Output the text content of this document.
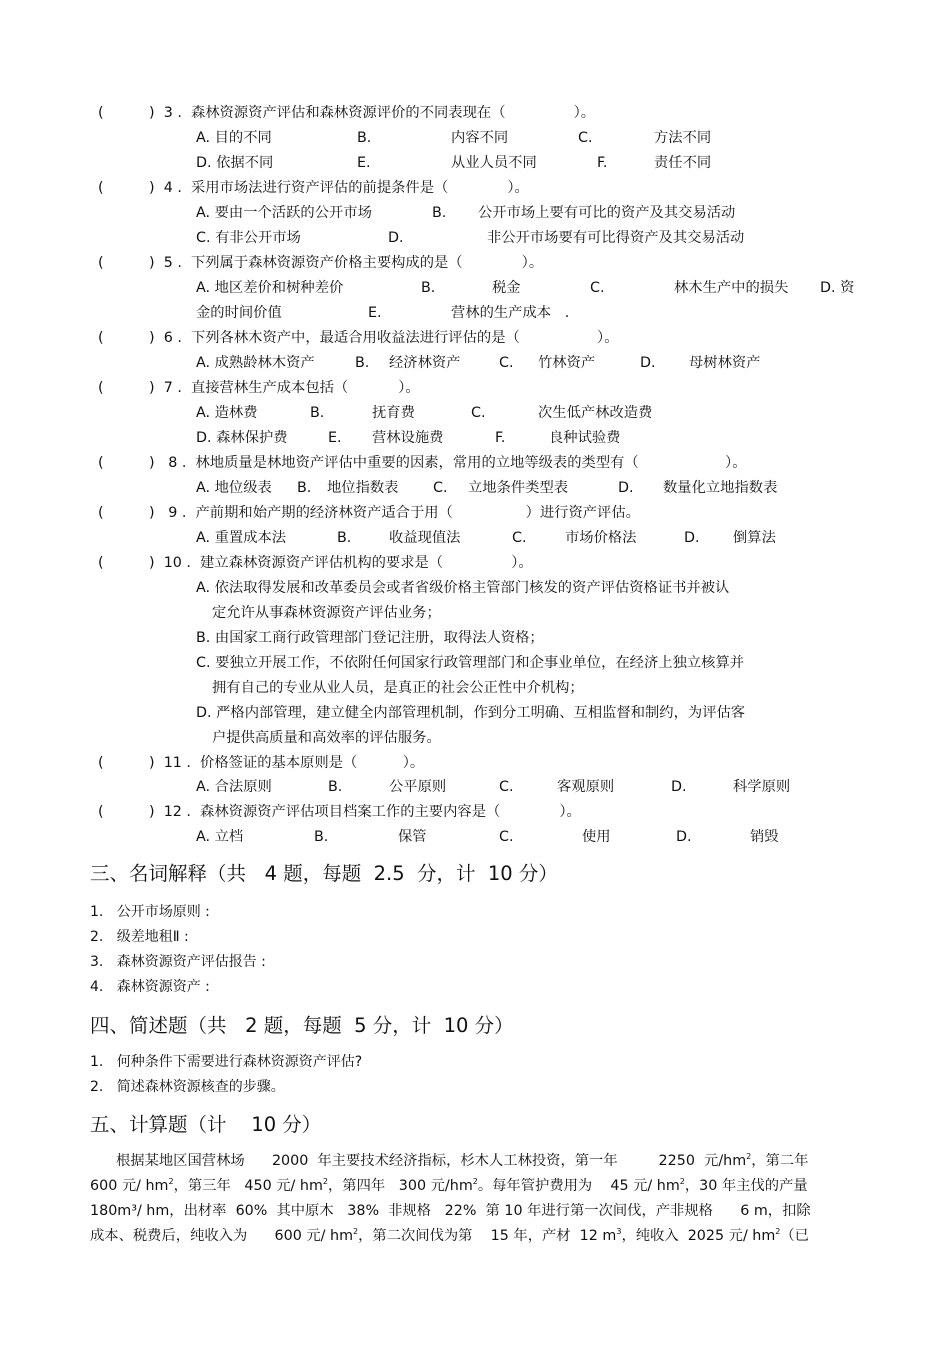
(          )  3 .  森林资源资产评估和森林资源评价的不同表现在（               ）。
A. 目的不同	B.	内容不同	C.	方法不同
D. 依据不同	E.	从业人员不同	F.	责任不同
(          )  4 .  采用市场法进行资产评估的前提条件是（             ）。
A. 要由一个活跃的公开市场	B. 公开市场上要有可比的资产及其交易活动
C. 有非公开市场	D.	非公开市场要有可比得资产及其交易活动
(          )  5 .  下列属于森林资源资产价格主要构成的是（             ）。
A. 地区差价和树种差价	B.	税金	C.	林木生产中的损失 D. 资
金的时间价值	E.	营林的生产成本   .
(          )  6 .  下列各林木资产中，最适合用收益法进行评估的是（                 ）。
A. 成熟龄林木资产	B. 经济林资产	C. 竹林资产	D. 母树林资产
(          )  7 .  直接营林生产成本包括（           ）。
A. 造林费	B.	抚育费	C.	次生低产林改造费
D. 森林保护费	E. 营林设施费	F.	良种试验费
(          )   8 .  林地质量是林地资产评估中重要的因素，常用的立地等级表的类型有（                   ）。
A. 地位级表 B. 地位指数表 C. 立地条件类型表	D. 数量化立地指数表
(          )   9 .  产前期和始产期的经济林资产适合于用（                ）进行资产评估。
A. 重置成本法	B.	收益现值法	C.	市场价格法	D. 倒算法
(          )  10 .  建立森林资源资产评估机构的要求是（               ）。
A. 依法取得发展和改革委员会或者省级价格主管部门核发的资产评估资格证书并被认
定允许从事森林资源资产评估业务；
B. 由国家工商行政管理部门登记注册，取得法人资格；
C. 要独立开展工作，不依附任何国家行政管理部门和企事业单位，在经济上独立核算并
拥有自己的专业从业人员，是真正的社会公正性中介机构；
D. 严格内部管理，建立健全内部管理机制，作到分工明确、互相监督和制约，为评估客
户提供高质量和高效率的评估服务。
(          )  11 .  价格签证的基本原则是（          ）。
A. 合法原则	B.	公平原则	C.	客观原则	D.	科学原则
(          )  12 .  森林资源资产评估项目档案工作的主要内容是（             ）。
A. 立档	B.	保管	C.	使用	D.	销毁
三、名词解释（共   4 题，每题  2.5  分，计  10 分）
1.   公开市场原则 :
2.   级差地租Ⅱ :
3.   森林资源资产评估报告 :
4.   森林资源资产 :
四、简述题（共   2 题，每题  5 分，计  10 分）
1.   何种条件下需要进行森林资源资产评估?
2.   简述森林资源核查的步骤。
五、计算题（计    10 分）
根据某地区国营林场      2000  年主要技术经济指标，杉木人工林投资，第一年         2250  元$/hm^2$，第二年
600 元/ $hm^2$，第三年   450 元/ $hm^2$，第四年   300 元$/hm^2$。每年管护费用为    45 元/ $hm^2$，30 年主伐的产量
180m³/ hm，出材率  60%  其中原木   38%  非规格   22%  第 10 年进行第一次间伐，产非规格      6 m，扣除
成本、税费后，纯收入为      600 元/ $hm^2$，第二次间伐为第    15 年，产材  12 $m^3$，纯收入  2025 元/ $hm^2$（已
